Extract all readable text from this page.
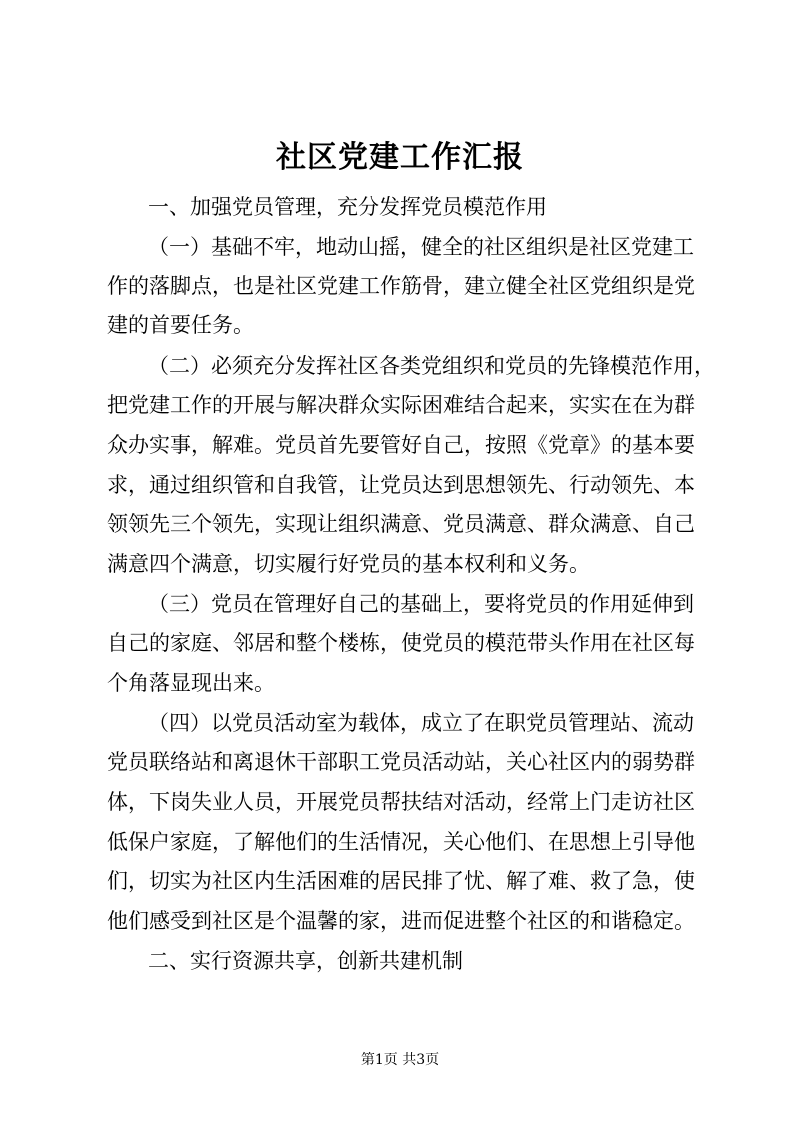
社区党建工作汇报
一、加强党员管理，充分发挥党员模范作用
（一）基础不牢，地动山摇，健全的社区组织是社区党建工
作的落脚点，也是社区党建工作筋骨，建立健全社区党组织是党
建的首要任务。
（二）必须充分发挥社区各类党组织和党员的先锋模范作用，
把党建工作的开展与解决群众实际困难结合起来，实实在在为群
众办实事，解难。党员首先要管好自己，按照《党章》的基本要
求，通过组织管和自我管，让党员达到思想领先、行动领先、本
领领先三个领先，实现让组织满意、党员满意、群众满意、自己
满意四个满意，切实履行好党员的基本权利和义务。
（三）党员在管理好自己的基础上，要将党员的作用延伸到
自己的家庭、邻居和整个楼栋，使党员的模范带头作用在社区每
个角落显现出来。
（四）以党员活动室为载体，成立了在职党员管理站、流动
党员联络站和离退休干部职工党员活动站，关心社区内的弱势群
体，下岗失业人员，开展党员帮扶结对活动，经常上门走访社区
低保户家庭，了解他们的生活情况，关心他们、在思想上引导他
们，切实为社区内生活困难的居民排了忧、解了难、救了急，使
他们感受到社区是个温馨的家，进而促进整个社区的和谐稳定。
二、实行资源共享，创新共建机制
第1页 共3页
